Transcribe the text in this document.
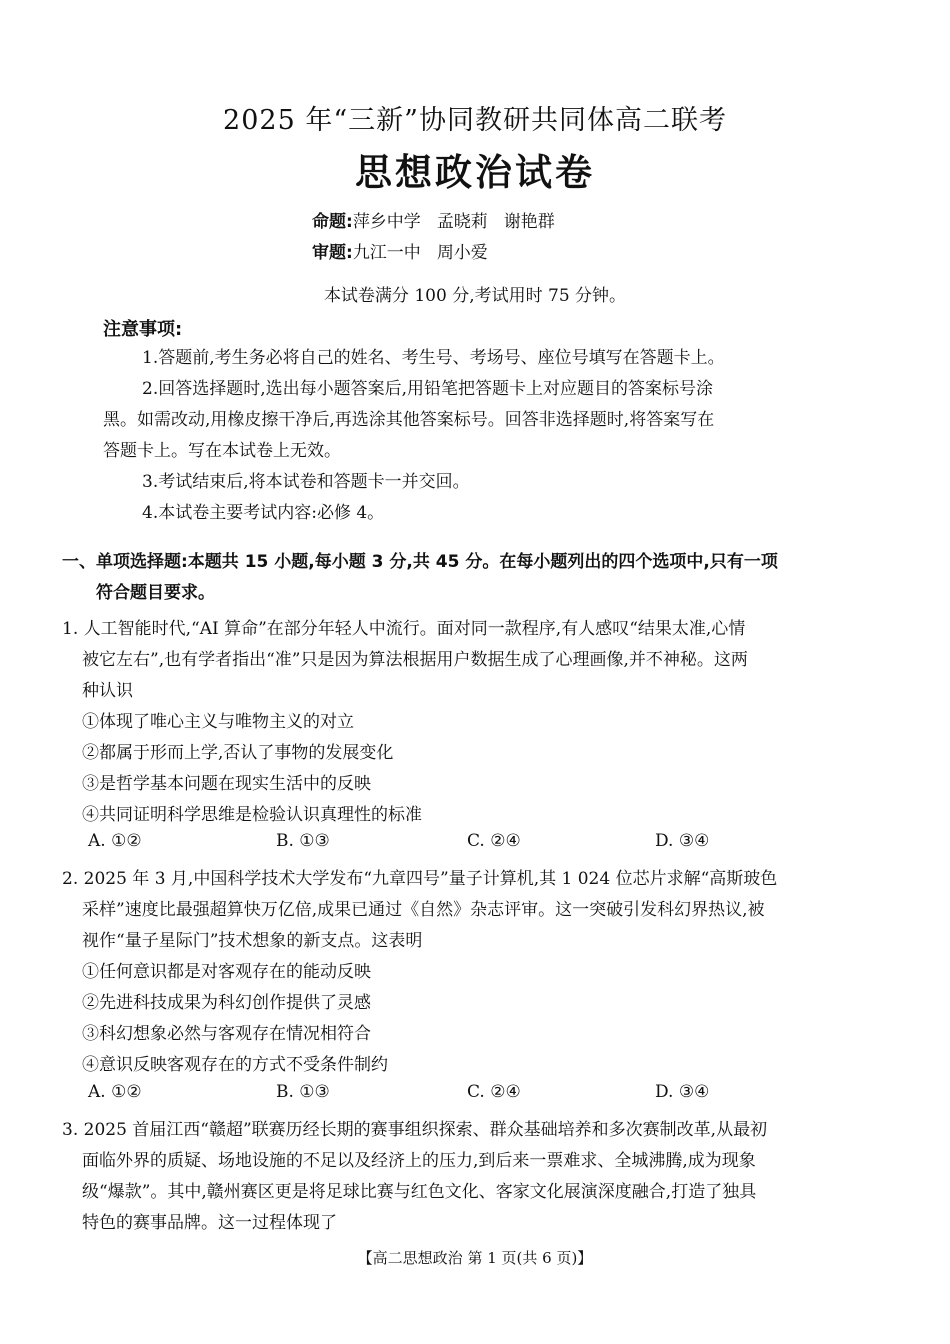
2025 年“三新”协同教研共同体高二联考
思想政治试卷
命题:萍乡中学 孟晓莉 谢艳群
审题:九江一中 周小爱
本试卷满分 100 分,考试用时 75 分钟。
注意事项:
1.答题前,考生务必将自己的姓名、考生号、考场号、座位号填写在答题卡上。
2.回答选择题时,选出每小题答案后,用铅笔把答题卡上对应题目的答案标号涂
黑。如需改动,用橡皮擦干净后,再选涂其他答案标号。回答非选择题时,将答案写在
答题卡上。写在本试卷上无效。
3.考试结束后,将本试卷和答题卡一并交回。
4.本试卷主要考试内容:必修 4。
一、单项选择题:本题共 15 小题,每小题 3 分,共 45 分。在每小题列出的四个选项中,只有一项
符合题目要求。
1. 人工智能时代,“AI 算命”在部分年轻人中流行。面对同一款程序,有人感叹“结果太准,心情
被它左右”,也有学者指出“准”只是因为算法根据用户数据生成了心理画像,并不神秘。这两
种认识
①体现了唯心主义与唯物主义的对立
②都属于形而上学,否认了事物的发展变化
③是哲学基本问题在现实生活中的反映
④共同证明科学思维是检验认识真理性的标准
A. ①②	B. ①③	C. ②④	D. ③④
2. 2025 年 3 月,中国科学技术大学发布“九章四号”量子计算机,其 1 024 位芯片求解“高斯玻色
采样”速度比最强超算快万亿倍,成果已通过《自然》杂志评审。这一突破引发科幻界热议,被
视作“量子星际门”技术想象的新支点。这表明
①任何意识都是对客观存在的能动反映
②先进科技成果为科幻创作提供了灵感
③科幻想象必然与客观存在情况相符合
④意识反映客观存在的方式不受条件制约
A. ①②	B. ①③	C. ②④	D. ③④
3. 2025 首届江西“赣超”联赛历经长期的赛事组织探索、群众基础培养和多次赛制改革,从最初
面临外界的质疑、场地设施的不足以及经济上的压力,到后来一票难求、全城沸腾,成为现象
级“爆款”。其中,赣州赛区更是将足球比赛与红色文化、客家文化展演深度融合,打造了独具
特色的赛事品牌。这一过程体现了
【高二思想政治 第 1 页(共 6 页)】
